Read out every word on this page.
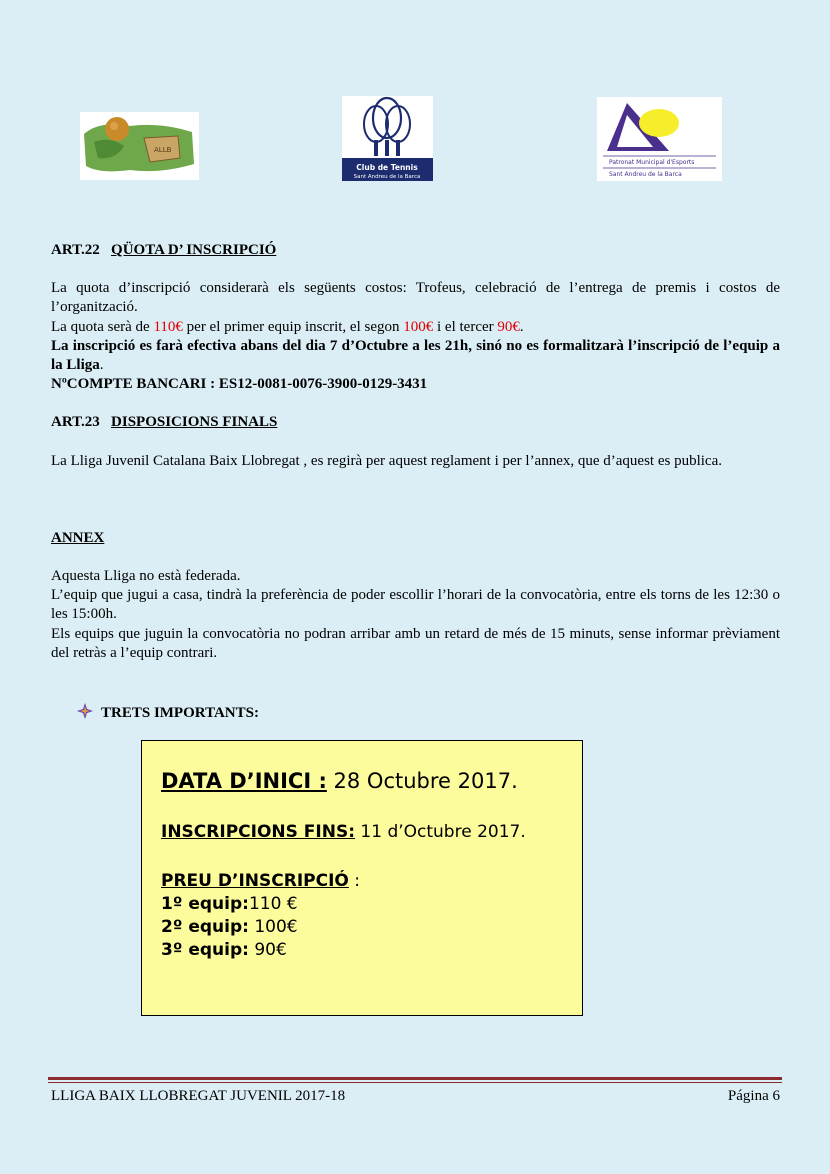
ALLB
Club de Tennis
Sant Andreu de la Barca
Patronat Municipal d'Esports
Sant Andreu de la Barca
ART.22 QÜOTA D’ INSCRIPCIÓ
La quota d’inscripció considerarà els següents costos: Trofeus, celebració de l’entrega de premis i costos de l’organització.
La quota serà de 110€ per el primer equip inscrit, el segon 100€ i el tercer 90€.
La inscripció es farà efectiva abans del dia 7 d’Octubre a les 21h, sinó no es formalitzarà l’inscripció de l’equip a la Lliga.
NºCOMPTE BANCARI : ES12-0081-0076-3900-0129-3431
ART.23 DISPOSICIONS FINALS
La Lliga Juvenil Catalana Baix Llobregat , es regirà per aquest reglament i per l’annex, que d’aquest es publica.
ANNEX
Aquesta Lliga no està federada.
L’equip que jugui a casa, tindrà la preferència de poder escollir l’horari de la convocatòria, entre els torns de les 12:30 o les 15:00h.
Els equips que juguin la convocatòria no podran arribar amb un retard de més de 15 minuts, sense informar prèviament del retràs a l’equip contrari.
TRETS IMPORTANTS:
DATA D’INICI : 28 Octubre 2017.
INSCRIPCIONS FINS: 11 d’Octubre 2017.
PREU D’INSCRIPCIÓ :
1º equip:110 €
2º equip: 100€
3º equip: 90€
LLIGA BAIX LLOBREGAT JUVENIL 2017-18	Página 6
